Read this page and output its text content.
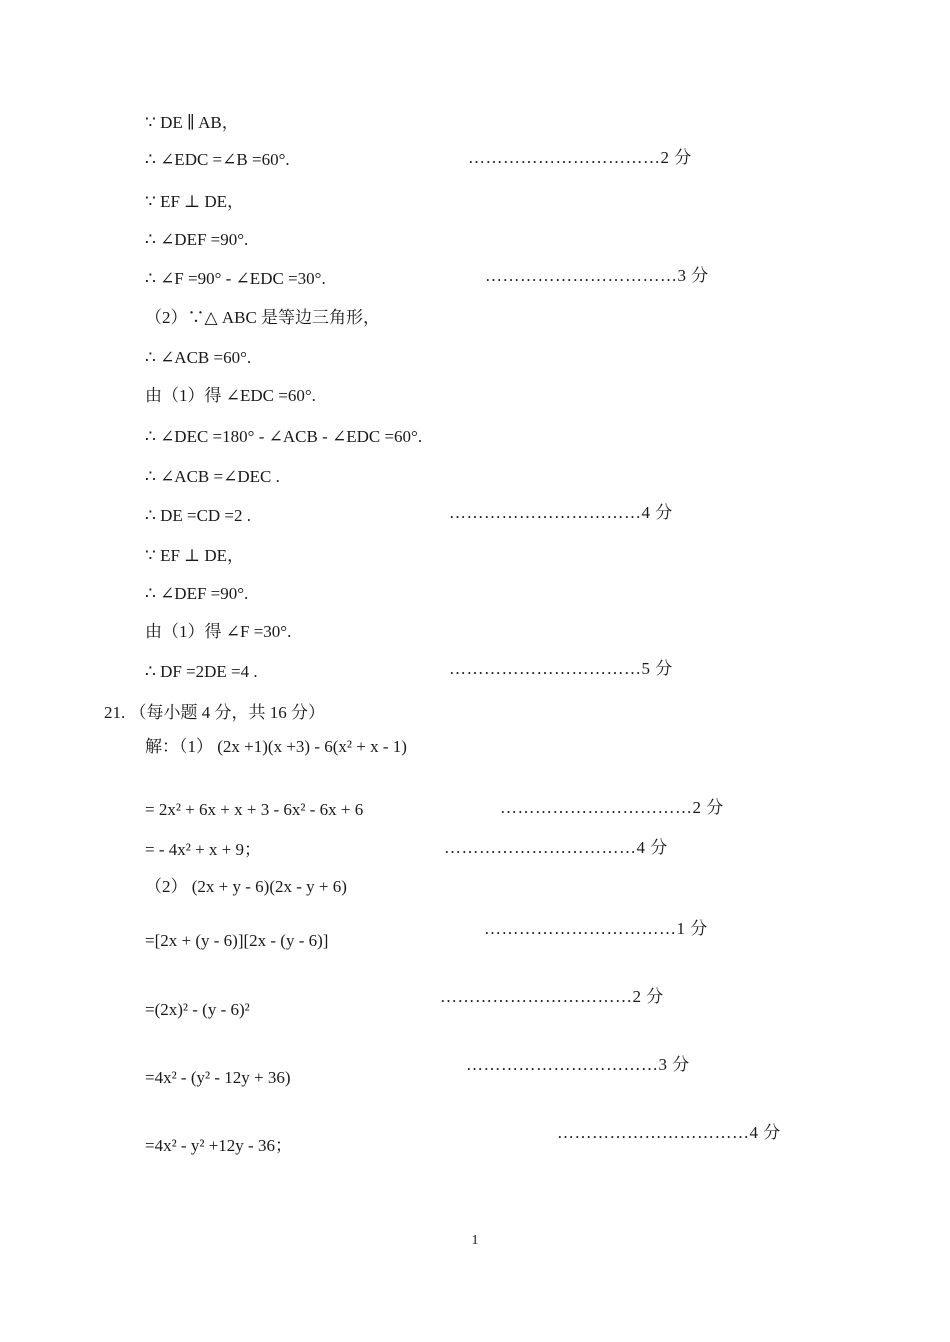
∵ DE ∥ AB，
∴ ∠EDC =∠B =60°.
∵ EF ⊥ DE，
∴ ∠DEF =90°.
∴ ∠F =90° - ∠EDC =30°.
（2）∵△ ABC 是等边三角形，
∴ ∠ACB =60°.
由（1）得 ∠EDC =60°.
∴ ∠DEC =180° - ∠ACB - ∠EDC =60°.
∴ ∠ACB =∠DEC .
∴ DE =CD =2 .
∵ EF ⊥ DE，
∴ ∠DEF =90°.
由（1）得 ∠F =30°.
∴ DF =2DE =4 .
21. （每小题 4 分，共 16 分）
解：（1） (2x +1)(x +3) - 6(x² + x - 1)
= 2x² + 6x + x + 3 - 6x² - 6x + 6
= - 4x² + x + 9；
（2） (2x + y - 6)(2x - y + 6)
=[2x + (y - 6)][2x - (y - 6)]
=(2x)² - (y - 6)²
=4x² - (y² - 12y + 36)
=4x² - y² +12y - 36；
……………………………2 分
……………………………3 分
……………………………4 分
……………………………5 分
……………………………2 分
……………………………4 分
……………………………1 分
……………………………2 分
……………………………3 分
……………………………4 分
1
